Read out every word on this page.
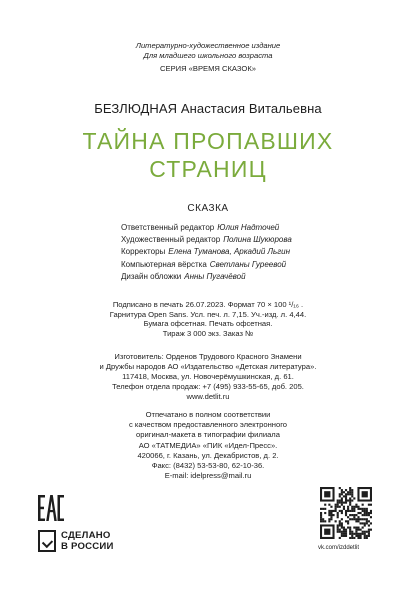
Литературно-художественное издание
Для младшего школьного возраста
СЕРИЯ «ВРЕМЯ СКАЗОК»
БЕЗЛЮДНАЯ Анастасия Витальевна
ТАЙНА ПРОПАВШИХ
СТРАНИЦ
СКАЗКА
Ответственный редактор Юлия Надточей
Художественный редактор Полина Шукюрова
Корректоры Елена Туманова, Аркадий Льгин
Компьютерная вёрстка Светланы Гуреевой
Дизайн обложки Анны Пугачёвой
Подписано в печать 26.07.2023. Формат 70 × 100 ¹/₁₆ .
Гарнитура Open Sans. Усл. печ. л. 7,15. Уч.-изд. л. 4,44.
Бумага офсетная. Печать офсетная.
Тираж 3 000 экз. Заказ №
Изготовитель: Орденов Трудового Красного Знамени
и Дружбы народов АО «Издательство «Детская литература».
117418, Москва, ул. Новочерёмушкинская, д. 61.
Телефон отдела продаж: +7 (495) 933-55-65, доб. 205.
www.detlit.ru
Отпечатано в полном соответствии
с качеством предоставленного электронного
оригинал-макета в типографии филиала
АО «ТАТМЕДИА» «ПИК «Идел-Пресс».
420066, г. Казань, ул. Декабристов, д. 2.
Факс: (8432) 53-53-80, 62-10-36.
E-mail: idelpress@mail.ru
СДЕЛАНО
В РОССИИ	vk.com/izddetlit
